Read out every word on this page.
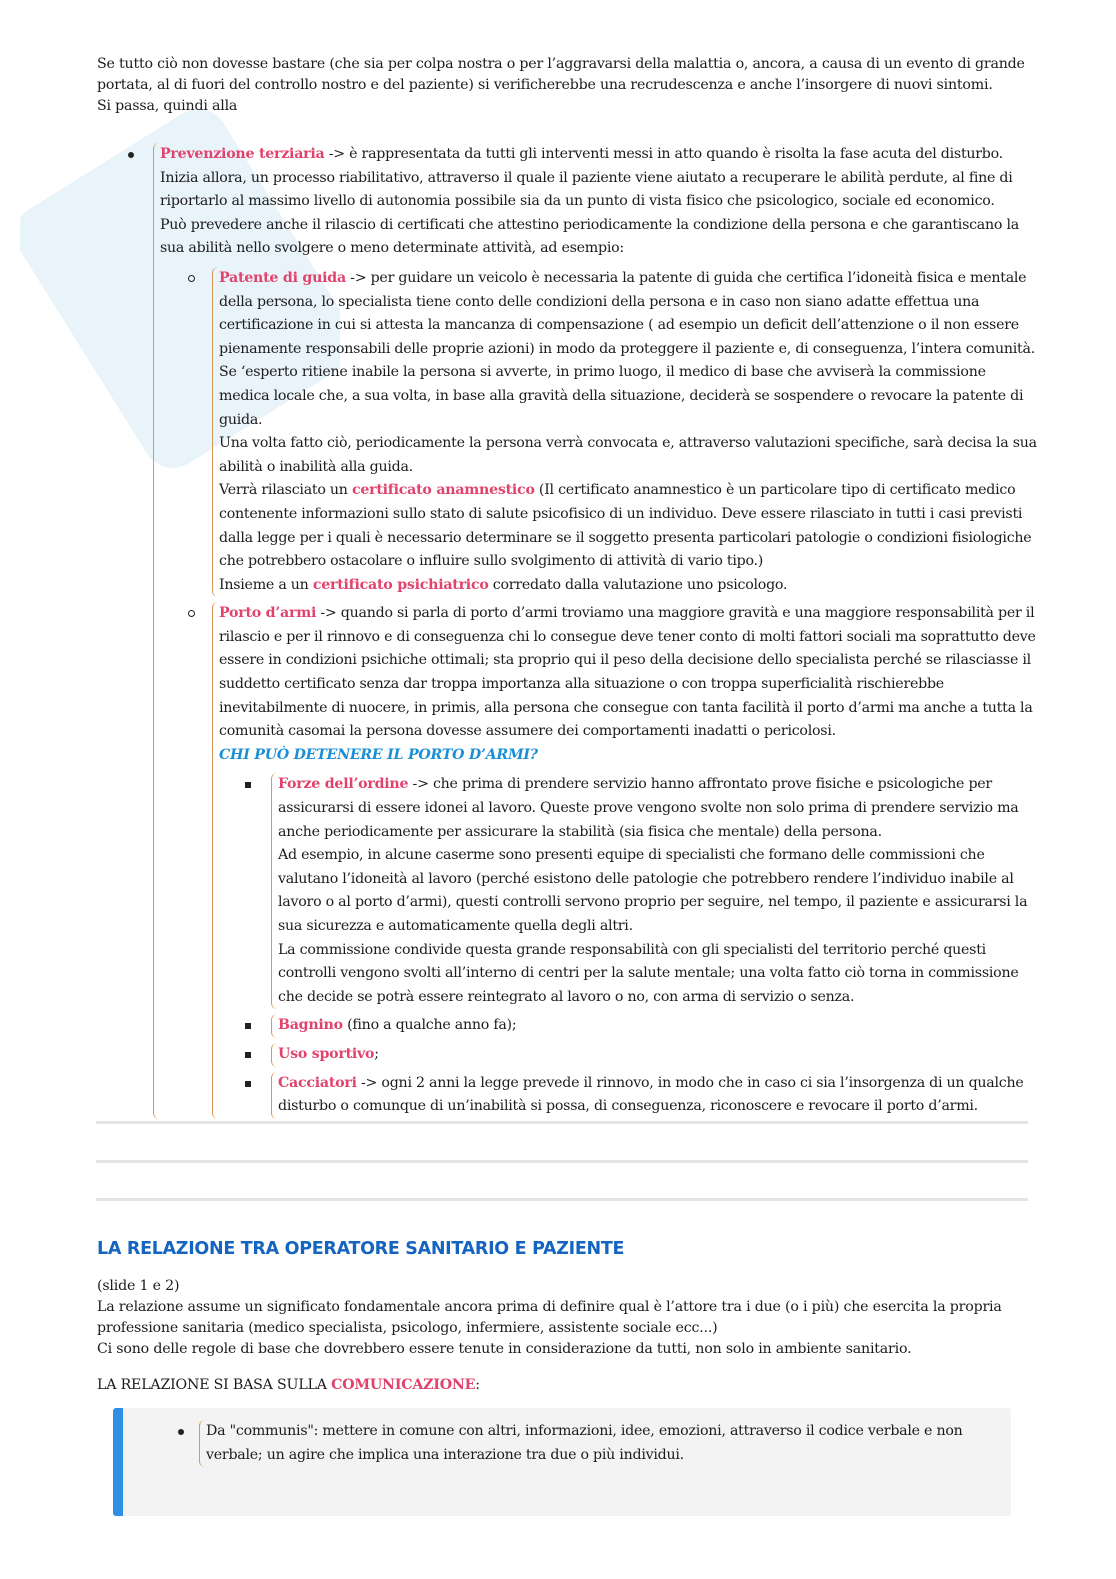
Se tutto ciò non dovesse bastare (che sia per colpa nostra o per l’aggravarsi della malattia o, ancora, a causa di un evento di grande portata, al di fuori del controllo nostro e del paziente) si verificherebbe una recrudescenza e anche l’insorgere di nuovi sintomi.
Si passa, quindi alla

Prevenzione terziaria -> è rappresentata da tutti gli interventi messi in atto quando è risolta la fase acuta del disturbo.
Inizia allora, un processo riabilitativo, attraverso il quale il paziente viene aiutato a recuperare le abilità perdute, al fine di riportarlo al massimo livello di autonomia possibile sia da un punto di vista fisico che psicologico, sociale ed economico.
Può prevedere anche il rilascio di certificati che attestino periodicamente la condizione della persona e che garantiscano la sua abilità nello svolgere o meno determinate attività, ad esempio:
Patente di guida -> per guidare un veicolo è necessaria la patente di guida che certifica l’idoneità fisica e mentale della persona, lo specialista tiene conto delle condizioni della persona e in caso non siano adatte effettua una certificazione in cui si attesta la mancanza di compensazione ( ad esempio un deficit dell’attenzione o il non essere pienamente responsabili delle proprie azioni) in modo da proteggere il paziente e, di conseguenza, l’intera comunità.
Se ‘esperto ritiene inabile la persona si avverte, in primo luogo, il medico di base che avviserà la commissione medica locale che, a sua volta, in base alla gravità della situazione, deciderà se sospendere o revocare la patente di guida.
Una volta fatto ciò, periodicamente la persona verrà convocata e, attraverso valutazioni specifiche, sarà decisa la sua abilità o inabilità alla guida.
Verrà rilasciato un certificato anamnestico (Il certificato anamnestico è un particolare tipo di certificato medico contenente informazioni sullo stato di salute psicofisico di un individuo. Deve essere rilasciato in tutti i casi previsti dalla legge per i quali è necessario determinare se il soggetto presenta particolari patologie o condizioni fisiologiche che potrebbero ostacolare o influire sullo svolgimento di attività di vario tipo.)
Insieme a un certificato psichiatrico corredato dalla valutazione uno psicologo.
Porto d’armi -> quando si parla di porto d’armi troviamo una maggiore gravità e una maggiore responsabilità per il rilascio e per il rinnovo e di conseguenza chi lo consegue deve tener conto di molti fattori sociali ma soprattutto deve essere in condizioni psichiche ottimali; sta proprio qui il peso della decisione dello specialista perché se rilasciasse il suddetto certificato senza dar troppa importanza alla situazione o con troppa superficialità rischierebbe inevitabilmente di nuocere, in primis, alla persona che consegue con tanta facilità il porto d’armi ma anche a tutta la comunità casomai la persona dovesse assumere dei comportamenti inadatti o pericolosi.
CHI PUÒ DETENERE IL PORTO D’ARMI?
Forze dell’ordine -> che prima di prendere servizio hanno affrontato prove fisiche e psicologiche per assicurarsi di essere idonei al lavoro. Queste prove vengono svolte non solo prima di prendere servizio ma anche periodicamente per assicurare la stabilità (sia fisica che mentale) della persona.
Ad esempio, in alcune caserme sono presenti equipe di specialisti che formano delle commissioni che valutano l’idoneità al lavoro (perché esistono delle patologie che potrebbero rendere l’individuo inabile al lavoro o al porto d’armi), questi controlli servono proprio per seguire, nel tempo, il paziente e assicurarsi la sua sicurezza e automaticamente quella degli altri.
La commissione condivide questa grande responsabilità con gli specialisti del territorio perché questi controlli vengono svolti all’interno di centri per la salute mentale; una volta fatto ciò torna in commissione che decide se potrà essere reintegrato al lavoro o no, con arma di servizio o senza.
Bagnino (fino a qualche anno fa);
Uso sportivo;
Cacciatori -> ogni 2 anni la legge prevede il rinnovo, in modo che in caso ci sia l’insorgenza di un qualche disturbo o comunque di un’inabilità si possa, di conseguenza, riconoscere e revocare il porto d’armi.
LA RELAZIONE TRA OPERATORE SANITARIO E PAZIENTE

(slide 1 e 2)

La relazione assume un significato fondamentale ancora prima di definire qual è l’attore tra i due (o i più) che esercita la propria professione sanitaria (medico specialista, psicologo, infermiere, assistente sociale ecc...)

Ci sono delle regole di base che dovrebbero essere tenute in considerazione da tutti, non solo in ambiente sanitario.

LA RELAZIONE SI BASA SULLA COMUNICAZIONE:
Da "communis": mettere in comune con altri, informazioni, idee, emozioni, attraverso il codice verbale e non verbale; un agire che implica una interazione tra due o più individui.
